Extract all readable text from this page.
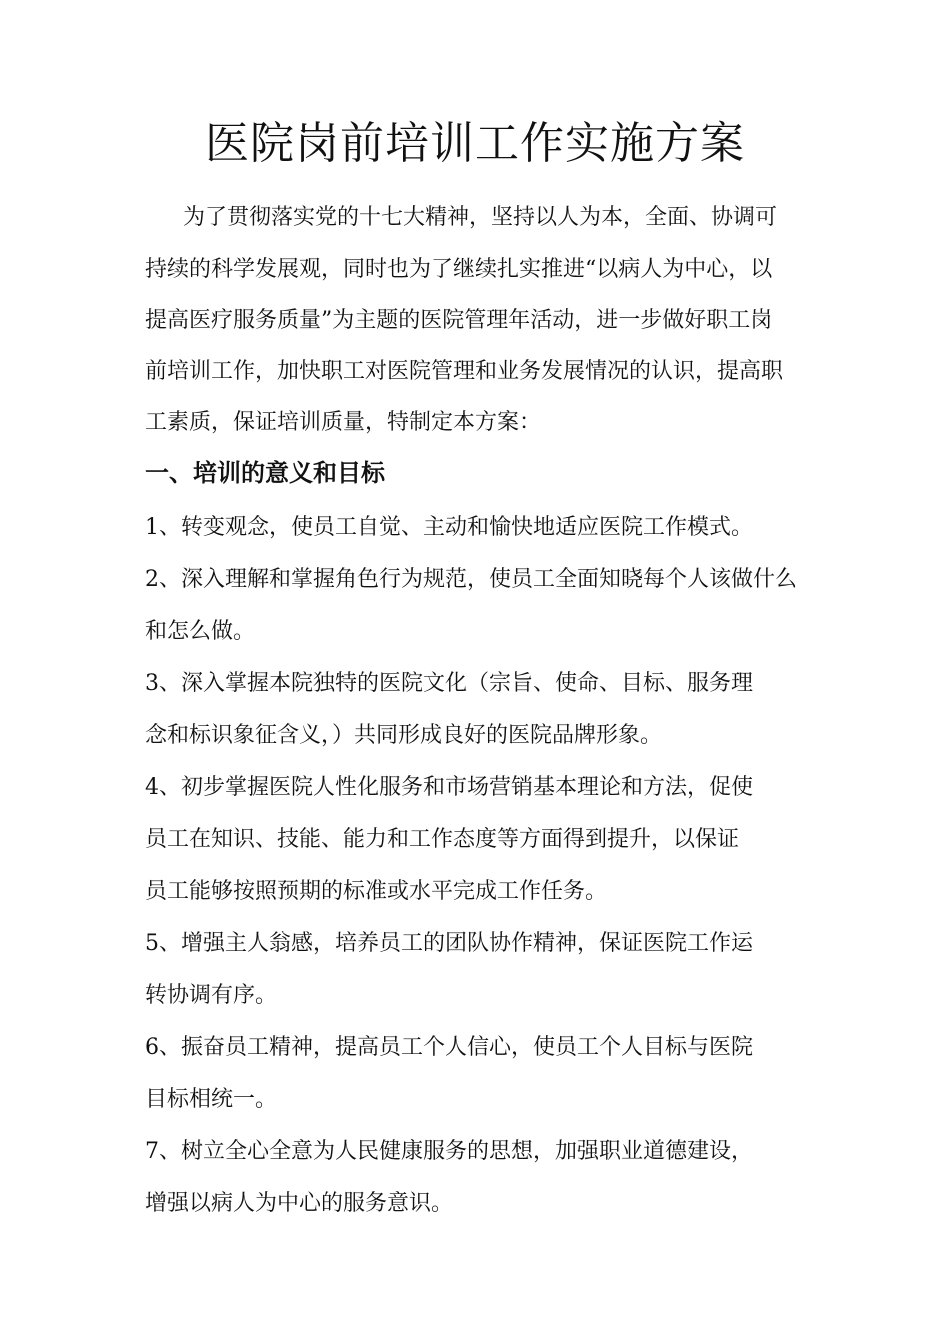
医院岗前培训工作实施方案
为了贯彻落实党的十七大精神，坚持以人为本，全面、协调可
持续的科学发展观，同时也为了继续扎实推进“以病人为中心，以
提高医疗服务质量”为主题的医院管理年活动，进一步做好职工岗
前培训工作，加快职工对医院管理和业务发展情况的认识，提高职
工素质，保证培训质量，特制定本方案：
一、培训的意义和目标
1、转变观念，使员工自觉、主动和愉快地适应医院工作模式。
2、深入理解和掌握角色行为规范，使员工全面知晓每个人该做什么
和怎么做。
3、深入掌握本院独特的医院文化（宗旨、使命、目标、服务理
念和标识象征含义，）共同形成良好的医院品牌形象。
4、初步掌握医院人性化服务和市场营销基本理论和方法，促使
员工在知识、技能、能力和工作态度等方面得到提升，以保证
员工能够按照预期的标准或水平完成工作任务。
5、增强主人翁感，培养员工的团队协作精神，保证医院工作运
转协调有序。
6、振奋员工精神，提高员工个人信心，使员工个人目标与医院
目标相统一。
7、树立全心全意为人民健康服务的思想，加强职业道德建设，
增强以病人为中心的服务意识。
